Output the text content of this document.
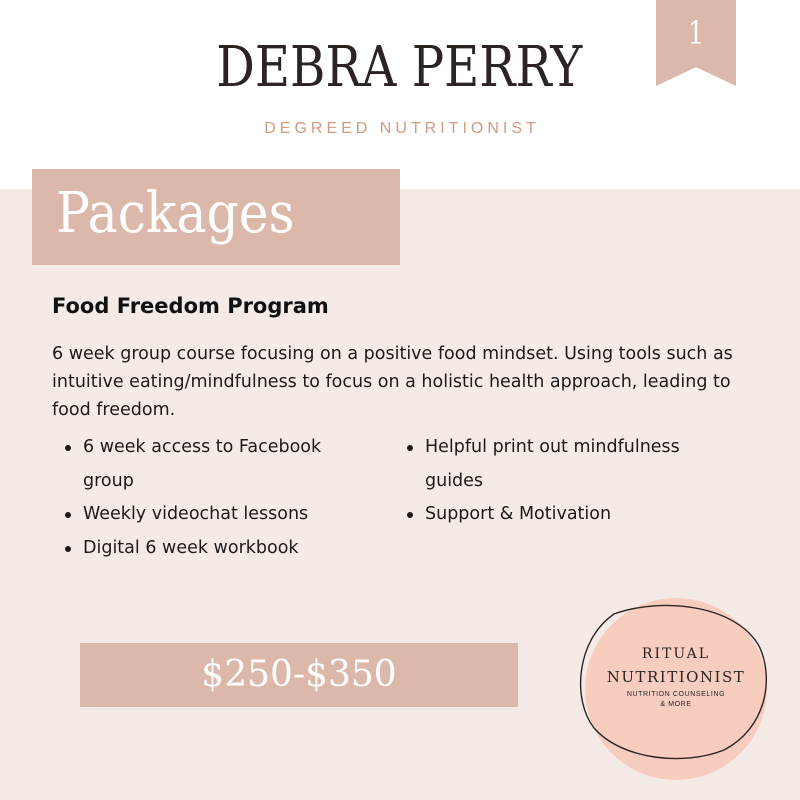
DEBRA PERRY
DEGREED NUTRITIONIST
1
Packages
Food Freedom Program
6 week group course focusing on a positive food mindset. Using tools such as intuitive eating/mindfulness to focus on a holistic health approach, leading to food freedom.
6 week access to Facebook group
Weekly videochat lessons
Digital 6 week workbook
Helpful print out mindfulness guides
Support & Motivation
$250-$350	RITUAL
NUTRITIONIST
NUTRITION COUNSELING
& MORE
